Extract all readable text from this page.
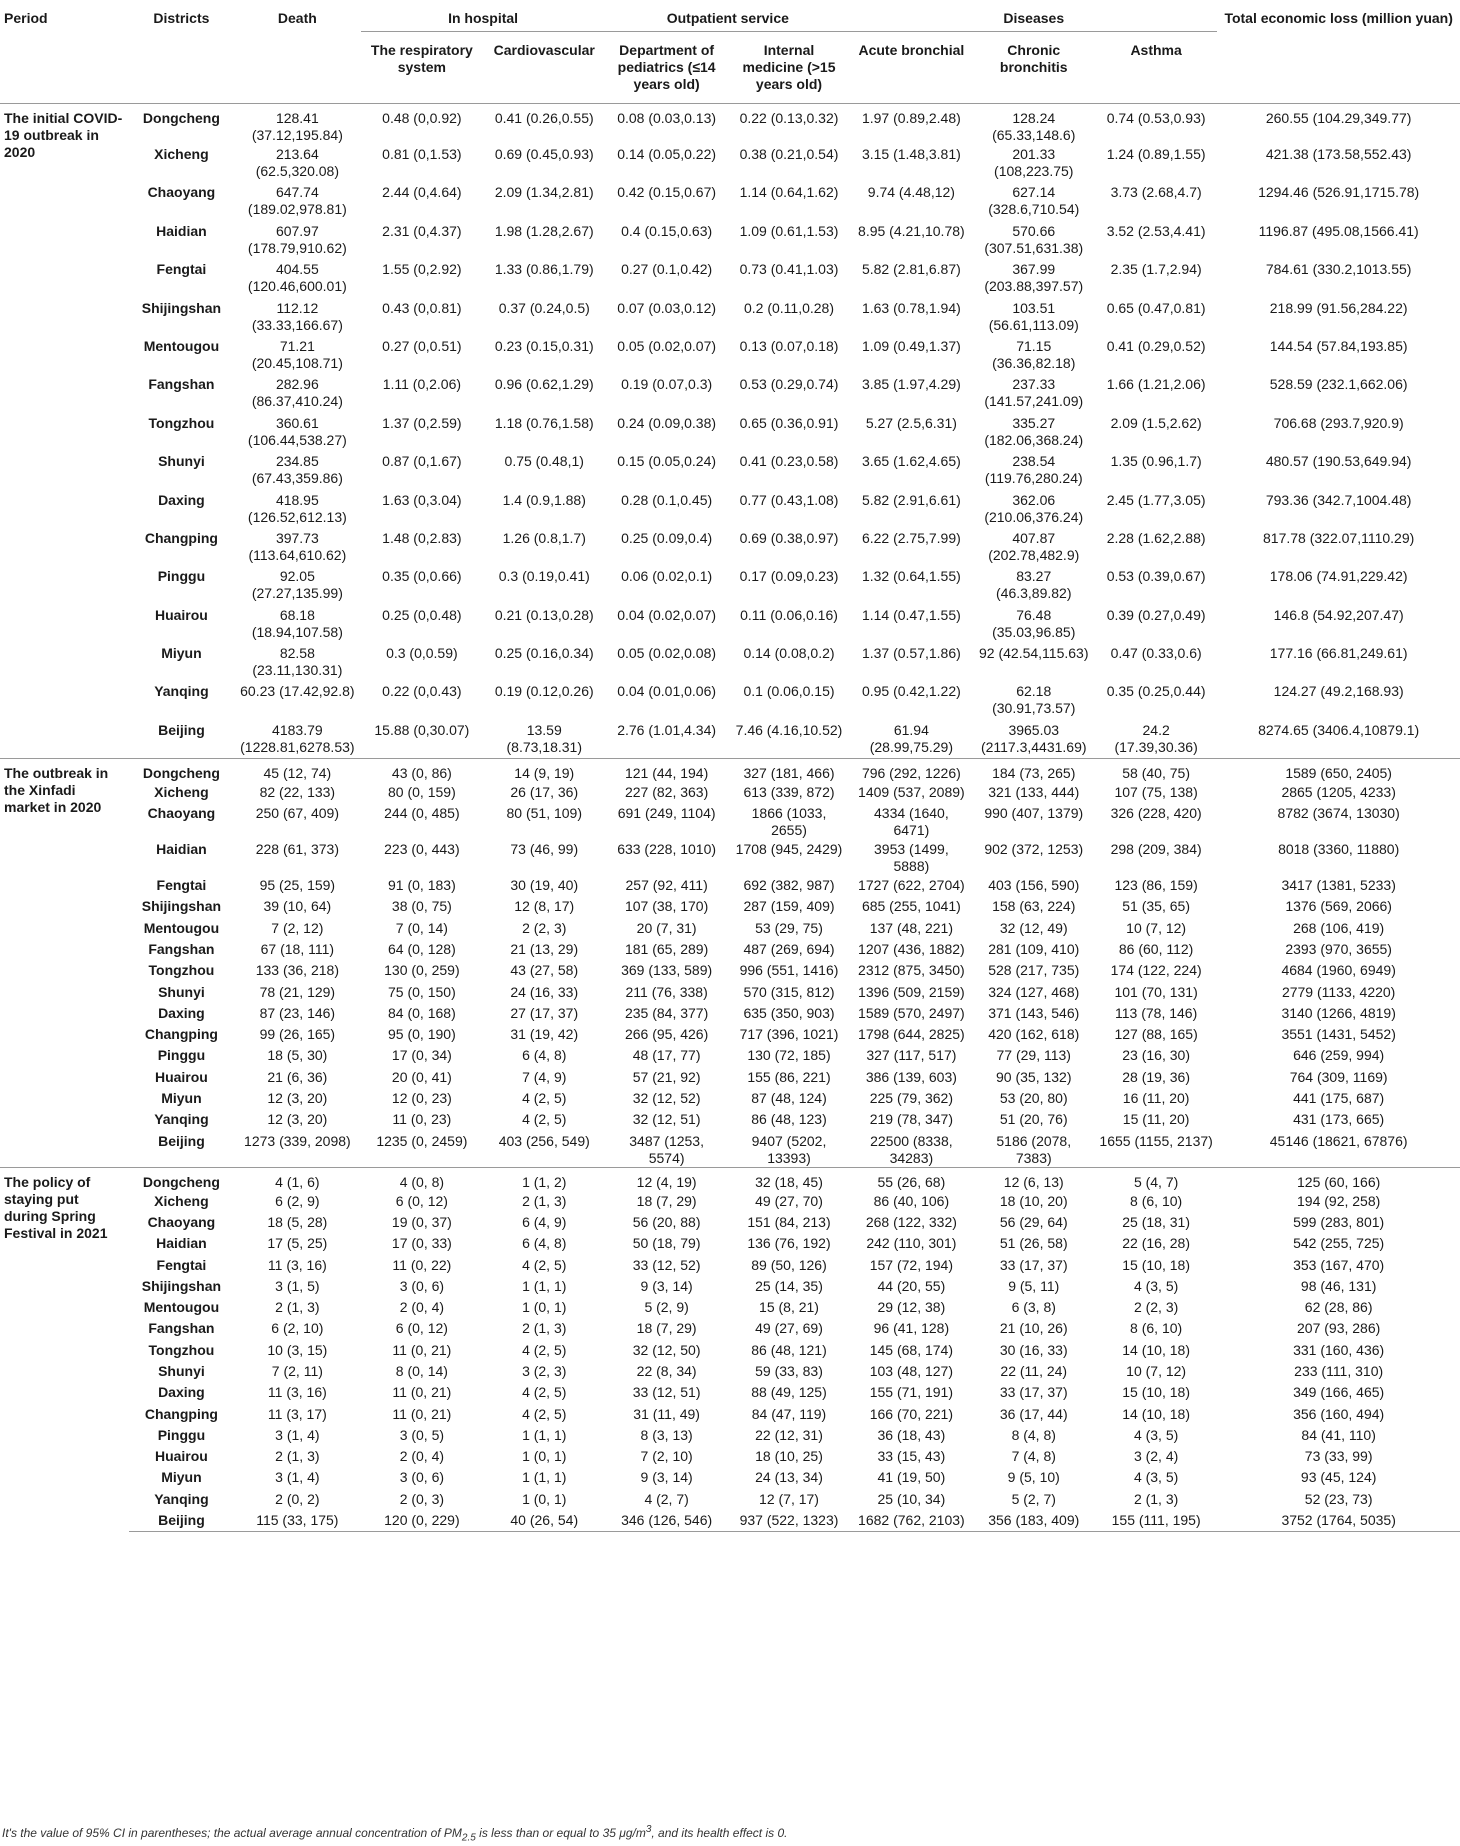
Period	Districts	Death	In hospital		Outpatient service		Diseases			Total economic loss (million yuan)
			The respiratory system	Cardiovascular	Department of pediatrics (≤14 years old)	Internal medicine (>15 years old)	Acute bronchial	Chronic bronchitis	Asthma	
The initial COVID-19 outbreak in 2020	Dongcheng	128.41 (37.12,195.84)	0.48 (0,0.92)	0.41 (0.26,0.55)	0.08 (0.03,0.13)	0.22 (0.13,0.32)	1.97 (0.89,2.48)	128.24 (65.33,148.6)	0.74 (0.53,0.93)	260.55 (104.29,349.77)
	Xicheng	213.64 (62.5,320.08)	0.81 (0,1.53)	0.69 (0.45,0.93)	0.14 (0.05,0.22)	0.38 (0.21,0.54)	3.15 (1.48,3.81)	201.33 (108,223.75)	1.24 (0.89,1.55)	421.38 (173.58,552.43)
	Chaoyang	647.74 (189.02,978.81)	2.44 (0,4.64)	2.09 (1.34,2.81)	0.42 (0.15,0.67)	1.14 (0.64,1.62)	9.74 (4.48,12)	627.14 (328.6,710.54)	3.73 (2.68,4.7)	1294.46 (526.91,1715.78)
	Haidian	607.97 (178.79,910.62)	2.31 (0,4.37)	1.98 (1.28,2.67)	0.4 (0.15,0.63)	1.09 (0.61,1.53)	8.95 (4.21,10.78)	570.66 (307.51,631.38)	3.52 (2.53,4.41)	1196.87 (495.08,1566.41)
	Fengtai	404.55 (120.46,600.01)	1.55 (0,2.92)	1.33 (0.86,1.79)	0.27 (0.1,0.42)	0.73 (0.41,1.03)	5.82 (2.81,6.87)	367.99 (203.88,397.57)	2.35 (1.7,2.94)	784.61 (330.2,1013.55)
	Shijingshan	112.12 (33.33,166.67)	0.43 (0,0.81)	0.37 (0.24,0.5)	0.07 (0.03,0.12)	0.2 (0.11,0.28)	1.63 (0.78,1.94)	103.51 (56.61,113.09)	0.65 (0.47,0.81)	218.99 (91.56,284.22)
	Mentougou	71.21 (20.45,108.71)	0.27 (0,0.51)	0.23 (0.15,0.31)	0.05 (0.02,0.07)	0.13 (0.07,0.18)	1.09 (0.49,1.37)	71.15 (36.36,82.18)	0.41 (0.29,0.52)	144.54 (57.84,193.85)
	Fangshan	282.96 (86.37,410.24)	1.11 (0,2.06)	0.96 (0.62,1.29)	0.19 (0.07,0.3)	0.53 (0.29,0.74)	3.85 (1.97,4.29)	237.33 (141.57,241.09)	1.66 (1.21,2.06)	528.59 (232.1,662.06)
	Tongzhou	360.61 (106.44,538.27)	1.37 (0,2.59)	1.18 (0.76,1.58)	0.24 (0.09,0.38)	0.65 (0.36,0.91)	5.27 (2.5,6.31)	335.27 (182.06,368.24)	2.09 (1.5,2.62)	706.68 (293.7,920.9)
	Shunyi	234.85 (67.43,359.86)	0.87 (0,1.67)	0.75 (0.48,1)	0.15 (0.05,0.24)	0.41 (0.23,0.58)	3.65 (1.62,4.65)	238.54 (119.76,280.24)	1.35 (0.96,1.7)	480.57 (190.53,649.94)
	Daxing	418.95 (126.52,612.13)	1.63 (0,3.04)	1.4 (0.9,1.88)	0.28 (0.1,0.45)	0.77 (0.43,1.08)	5.82 (2.91,6.61)	362.06 (210.06,376.24)	2.45 (1.77,3.05)	793.36 (342.7,1004.48)
	Changping	397.73 (113.64,610.62)	1.48 (0,2.83)	1.26 (0.8,1.7)	0.25 (0.09,0.4)	0.69 (0.38,0.97)	6.22 (2.75,7.99)	407.87 (202.78,482.9)	2.28 (1.62,2.88)	817.78 (322.07,1110.29)
	Pinggu	92.05 (27.27,135.99)	0.35 (0,0.66)	0.3 (0.19,0.41)	0.06 (0.02,0.1)	0.17 (0.09,0.23)	1.32 (0.64,1.55)	83.27 (46.3,89.82)	0.53 (0.39,0.67)	178.06 (74.91,229.42)
	Huairou	68.18 (18.94,107.58)	0.25 (0,0.48)	0.21 (0.13,0.28)	0.04 (0.02,0.07)	0.11 (0.06,0.16)	1.14 (0.47,1.55)	76.48 (35.03,96.85)	0.39 (0.27,0.49)	146.8 (54.92,207.47)
	Miyun	82.58 (23.11,130.31)	0.3 (0,0.59)	0.25 (0.16,0.34)	0.05 (0.02,0.08)	0.14 (0.08,0.2)	1.37 (0.57,1.86)	92 (42.54,115.63)	0.47 (0.33,0.6)	177.16 (66.81,249.61)
	Yanqing	60.23 (17.42,92.8)	0.22 (0,0.43)	0.19 (0.12,0.26)	0.04 (0.01,0.06)	0.1 (0.06,0.15)	0.95 (0.42,1.22)	62.18 (30.91,73.57)	0.35 (0.25,0.44)	124.27 (49.2,168.93)
	Beijing	4183.79 (1228.81,6278.53)	15.88 (0,30.07)	13.59 (8.73,18.31)	2.76 (1.01,4.34)	7.46 (4.16,10.52)	61.94 (28.99,75.29)	3965.03 (2117.3,4431.69)	24.2 (17.39,30.36)	8274.65 (3406.4,10879.1)
The outbreak in the Xinfadi market in 2020	Dongcheng	45 (12, 74)	43 (0, 86)	14 (9, 19)	121 (44, 194)	327 (181, 466)	796 (292, 1226)	184 (73, 265)	58 (40, 75)	1589 (650, 2405)
	Xicheng	82 (22, 133)	80 (0, 159)	26 (17, 36)	227 (82, 363)	613 (339, 872)	1409 (537, 2089)	321 (133, 444)	107 (75, 138)	2865 (1205, 4233)
	Chaoyang	250 (67, 409)	244 (0, 485)	80 (51, 109)	691 (249, 1104)	1866 (1033, 2655)	4334 (1640, 6471)	990 (407, 1379)	326 (228, 420)	8782 (3674, 13030)
	Haidian	228 (61, 373)	223 (0, 443)	73 (46, 99)	633 (228, 1010)	1708 (945, 2429)	3953 (1499, 5888)	902 (372, 1253)	298 (209, 384)	8018 (3360, 11880)
	Fengtai	95 (25, 159)	91 (0, 183)	30 (19, 40)	257 (92, 411)	692 (382, 987)	1727 (622, 2704)	403 (156, 590)	123 (86, 159)	3417 (1381, 5233)
	Shijingshan	39 (10, 64)	38 (0, 75)	12 (8, 17)	107 (38, 170)	287 (159, 409)	685 (255, 1041)	158 (63, 224)	51 (35, 65)	1376 (569, 2066)
	Mentougou	7 (2, 12)	7 (0, 14)	2 (2, 3)	20 (7, 31)	53 (29, 75)	137 (48, 221)	32 (12, 49)	10 (7, 12)	268 (106, 419)
	Fangshan	67 (18, 111)	64 (0, 128)	21 (13, 29)	181 (65, 289)	487 (269, 694)	1207 (436, 1882)	281 (109, 410)	86 (60, 112)	2393 (970, 3655)
	Tongzhou	133 (36, 218)	130 (0, 259)	43 (27, 58)	369 (133, 589)	996 (551, 1416)	2312 (875, 3450)	528 (217, 735)	174 (122, 224)	4684 (1960, 6949)
	Shunyi	78 (21, 129)	75 (0, 150)	24 (16, 33)	211 (76, 338)	570 (315, 812)	1396 (509, 2159)	324 (127, 468)	101 (70, 131)	2779 (1133, 4220)
	Daxing	87 (23, 146)	84 (0, 168)	27 (17, 37)	235 (84, 377)	635 (350, 903)	1589 (570, 2497)	371 (143, 546)	113 (78, 146)	3140 (1266, 4819)
	Changping	99 (26, 165)	95 (0, 190)	31 (19, 42)	266 (95, 426)	717 (396, 1021)	1798 (644, 2825)	420 (162, 618)	127 (88, 165)	3551 (1431, 5452)
	Pinggu	18 (5, 30)	17 (0, 34)	6 (4, 8)	48 (17, 77)	130 (72, 185)	327 (117, 517)	77 (29, 113)	23 (16, 30)	646 (259, 994)
	Huairou	21 (6, 36)	20 (0, 41)	7 (4, 9)	57 (21, 92)	155 (86, 221)	386 (139, 603)	90 (35, 132)	28 (19, 36)	764 (309, 1169)
	Miyun	12 (3, 20)	12 (0, 23)	4 (2, 5)	32 (12, 52)	87 (48, 124)	225 (79, 362)	53 (20, 80)	16 (11, 20)	441 (175, 687)
	Yanqing	12 (3, 20)	11 (0, 23)	4 (2, 5)	32 (12, 51)	86 (48, 123)	219 (78, 347)	51 (20, 76)	15 (11, 20)	431 (173, 665)
	Beijing	1273 (339, 2098)	1235 (0, 2459)	403 (256, 549)	3487 (1253, 5574)	9407 (5202, 13393)	22500 (8338, 34283)	5186 (2078, 7383)	1655 (1155, 2137)	45146 (18621, 67876)
The policy of staying put during Spring Festival in 2021	Dongcheng	4 (1, 6)	4 (0, 8)	1 (1, 2)	12 (4, 19)	32 (18, 45)	55 (26, 68)	12 (6, 13)	5 (4, 7)	125 (60, 166)
	Xicheng	6 (2, 9)	6 (0, 12)	2 (1, 3)	18 (7, 29)	49 (27, 70)	86 (40, 106)	18 (10, 20)	8 (6, 10)	194 (92, 258)
	Chaoyang	18 (5, 28)	19 (0, 37)	6 (4, 9)	56 (20, 88)	151 (84, 213)	268 (122, 332)	56 (29, 64)	25 (18, 31)	599 (283, 801)
	Haidian	17 (5, 25)	17 (0, 33)	6 (4, 8)	50 (18, 79)	136 (76, 192)	242 (110, 301)	51 (26, 58)	22 (16, 28)	542 (255, 725)
	Fengtai	11 (3, 16)	11 (0, 22)	4 (2, 5)	33 (12, 52)	89 (50, 126)	157 (72, 194)	33 (17, 37)	15 (10, 18)	353 (167, 470)
	Shijingshan	3 (1, 5)	3 (0, 6)	1 (1, 1)	9 (3, 14)	25 (14, 35)	44 (20, 55)	9 (5, 11)	4 (3, 5)	98 (46, 131)
	Mentougou	2 (1, 3)	2 (0, 4)	1 (0, 1)	5 (2, 9)	15 (8, 21)	29 (12, 38)	6 (3, 8)	2 (2, 3)	62 (28, 86)
	Fangshan	6 (2, 10)	6 (0, 12)	2 (1, 3)	18 (7, 29)	49 (27, 69)	96 (41, 128)	21 (10, 26)	8 (6, 10)	207 (93, 286)
	Tongzhou	10 (3, 15)	11 (0, 21)	4 (2, 5)	32 (12, 50)	86 (48, 121)	145 (68, 174)	30 (16, 33)	14 (10, 18)	331 (160, 436)
	Shunyi	7 (2, 11)	8 (0, 14)	3 (2, 3)	22 (8, 34)	59 (33, 83)	103 (48, 127)	22 (11, 24)	10 (7, 12)	233 (111, 310)
	Daxing	11 (3, 16)	11 (0, 21)	4 (2, 5)	33 (12, 51)	88 (49, 125)	155 (71, 191)	33 (17, 37)	15 (10, 18)	349 (166, 465)
	Changping	11 (3, 17)	11 (0, 21)	4 (2, 5)	31 (11, 49)	84 (47, 119)	166 (70, 221)	36 (17, 44)	14 (10, 18)	356 (160, 494)
	Pinggu	3 (1, 4)	3 (0, 5)	1 (1, 1)	8 (3, 13)	22 (12, 31)	36 (18, 43)	8 (4, 8)	4 (3, 5)	84 (41, 110)
	Huairou	2 (1, 3)	2 (0, 4)	1 (0, 1)	7 (2, 10)	18 (10, 25)	33 (15, 43)	7 (4, 8)	3 (2, 4)	73 (33, 99)
	Miyun	3 (1, 4)	3 (0, 6)	1 (1, 1)	9 (3, 14)	24 (13, 34)	41 (19, 50)	9 (5, 10)	4 (3, 5)	93 (45, 124)
	Yanqing	2 (0, 2)	2 (0, 3)	1 (0, 1)	4 (2, 7)	12 (7, 17)	25 (10, 34)	5 (2, 7)	2 (1, 3)	52 (23, 73)
	Beijing	115 (33, 175)	120 (0, 229)	40 (26, 54)	346 (126, 546)	937 (522, 1323)	1682 (762, 2103)	356 (183, 409)	155 (111, 195)	3752 (1764, 5035)
It's the value of 95% CI in parentheses; the actual average annual concentration of $PM_{2.5}$ is less than or equal to 35 $\mu g/m^3$, and its health effect is 0.
